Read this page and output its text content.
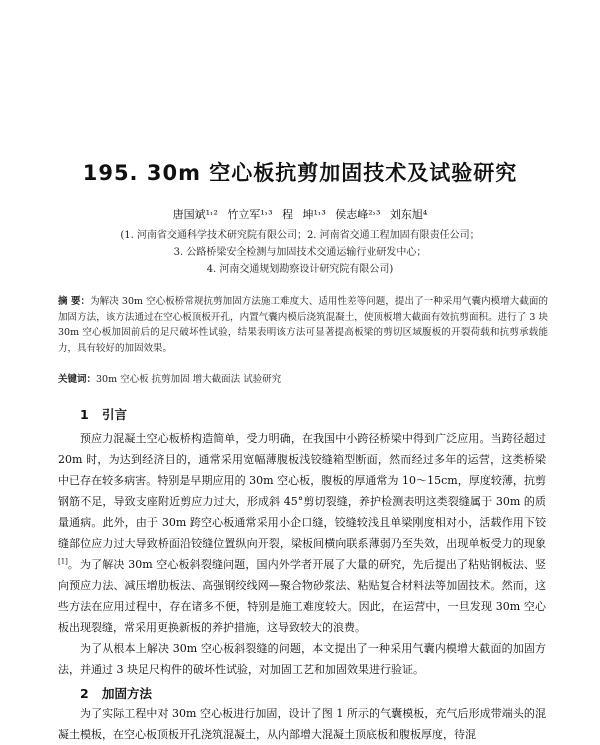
195. 30m 空心板抗剪加固技术及试验研究
唐国斌¹˒² 竹立军¹˒³ 程 坤¹˒³ 侯志峰²˒³ 刘东旭⁴
(1. 河南省交通科学技术研究院有限公司；2. 河南省交通工程加固有限责任公司；
3. 公路桥梁安全检测与加固技术交通运输行业研发中心；
4. 河南交通规划勘察设计研究院有限公司)
摘 要：为解决 30m 空心板桥常规抗剪加固方法施工难度大、适用性差等问题，提出了一种采用气囊内模增大截面的加固方法，该方法通过在空心板顶板开孔，内置气囊内模后浇筑混凝土，使顶板增大截面有效抗剪面积。进行了 3 块 30m 空心板加固前后的足尺破坏性试验，结果表明该方法可显著提高板梁的剪切区域腹板的开裂荷载和抗剪承载能力，具有较好的加固效果。
关键词：30m 空心板 抗剪加固 增大截面法 试验研究
1 引言

预应力混凝土空心板桥构造简单，受力明确，在我国中小跨径桥梁中得到广泛应用。当跨径超过 20m 时，为达到经济目的，通常采用宽幅薄腹板浅铰缝箱型断面，然而经过多年的运营，这类桥梁中已存在较多病害。特别是早期应用的 30m 空心板，腹板的厚通常为 10～15cm，厚度较薄，抗剪钢筋不足，导致支座附近剪应力过大，形成斜 45°剪切裂缝，养护检测表明这类裂缝属于 30m 的质量通病。此外，由于 30m 跨空心板通常采用小企口缝，铰缝较浅且单梁刚度相对小，活载作用下铰缝部位应力过大导致桥面沿铰缝位置纵向开裂，梁板间横向联系薄弱乃至失效，出现单板受力的现象[1]。 为了解决 30m 空心板斜裂缝问题，国内外学者开展了大量的研究，先后提出了粘贴钢板法、竖向预应力法、减压增肋板法、高强钢绞线网—聚合物砂浆法、粘贴复合材料法等加固技术。然而，这些方法在应用过程中，存在诸多不便，特别是施工难度较大。因此，在运营中，一旦发现 30m 空心板出现裂缝，常采用更换新板的养护措施，这导致较大的浪费。

为了从根本上解决 30m 空心板斜裂缝的问题，本文提出了一种采用气囊内模增大截面的加固方法，并通过 3 块足尺构件的破坏性试验，对加固工艺和加固效果进行验证。

2 加固方法

为了实际工程中对 30m 空心板进行加固，设计了图 1 所示的气囊模板，充气后形成带端头的混凝土模板，在空心板顶板开孔浇筑混凝土，从内部增大混凝土顶底板和腹板厚度，待混
